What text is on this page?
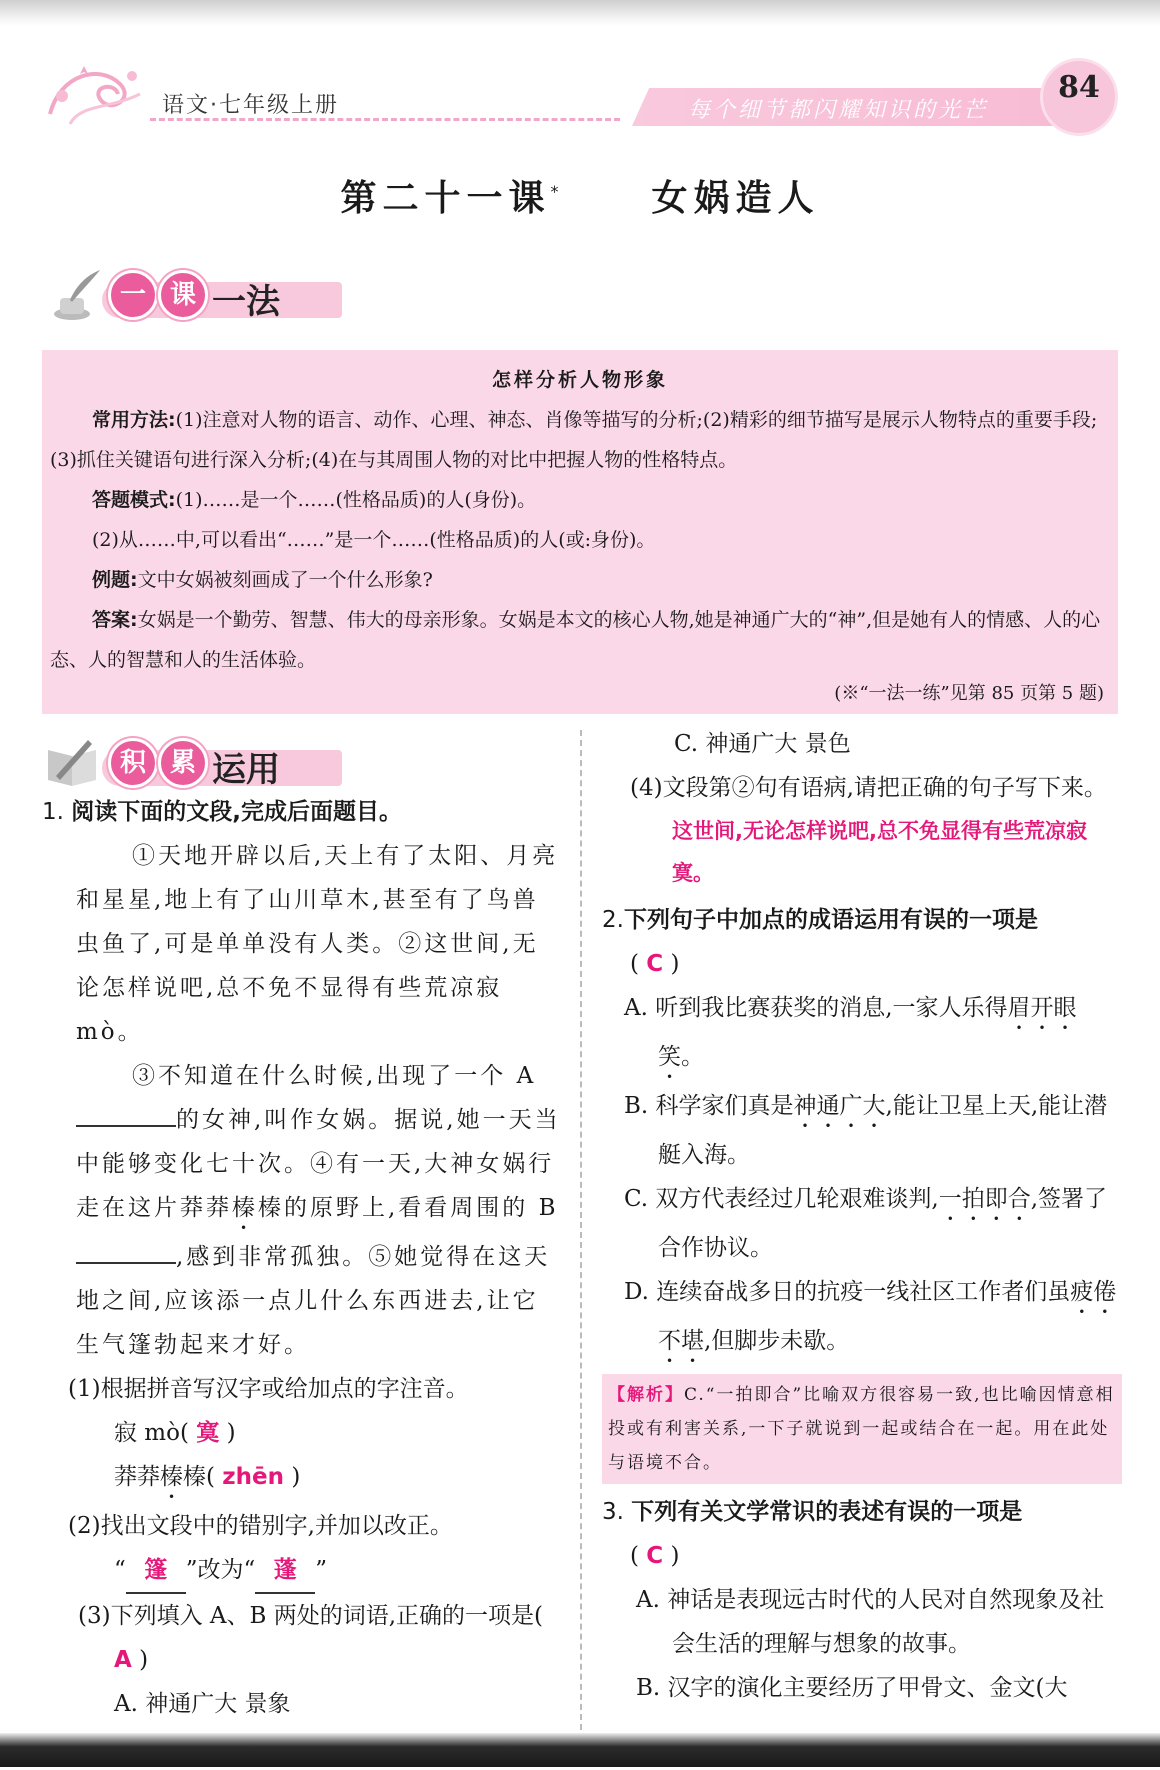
语文·七年级上册	每个细节都闪耀知识的光芒
84
第二十一课* 女娲造人
一 课 一法
怎样分析人物形象

常用方法:(1)注意对人物的语言、动作、心理、神态、肖像等描写的分析;(2)精彩的细节描写是展示人物特点的重要手段;(3)抓住关键语句进行深入分析;(4)在与其周围人物的对比中把握人物的性格特点。

答题模式:(1)……是一个……(性格品质)的人(身份)。

(2)从……中,可以看出“……”是一个……(性格品质)的人(或:身份)。

例题:文中女娲被刻画成了一个什么形象?

答案:女娲是一个勤劳、智慧、伟大的母亲形象。女娲是本文的核心人物,她是神通广大的“神”,但是她有人的情感、人的心态、人的智慧和人的生活体验。

(※“一法一练”见第 85 页第 5 题)
积 累 运用

1. 阅读下面的文段,完成后面题目。

①天地开辟以后,天上有了太阳、月亮和星星,地上有了山川草木,甚至有了鸟兽虫鱼了,可是单单没有人类。②这世间,无论怎样说吧,总不免不显得有些荒凉寂 mò。

③不知道在什么时候,出现了一个 A的女神,叫作女娲。据说,她一天当中能够变化七十次。④有一天,大神女娲行走在这片莽莽榛榛的原野上,看看周围的 B,感到非常孤独。⑤她觉得在这天地之间,应该添一点儿什么东西进去,让它生气篷勃起来才好。

(1)根据拼音写汉字或给加点的字注音。

寂 mò( 寞 )

莽莽榛榛( zhēn )

(2)找出文段中的错别字,并加以改正。

“ 篷 ”改为“ 蓬 ”

(3)下列填入 A、B 两处的词语,正确的一项是( A )

A. 神通广大 景象

C. 神通广大 景色

(4)文段第②句有语病,请把正确的句子写下来。

这世间,无论怎样说吧,总不免显得有些荒凉寂寞。

2.下列句子中加点的成语运用有误的一项是

( C )

A. 听到我比赛获奖的消息,一家人乐得眉开眼笑。

B. 科学家们真是神通广大,能让卫星上天,能让潜艇入海。

C. 双方代表经过几轮艰难谈判,一拍即合,签署了合作协议。

D. 连续奋战多日的抗疫一线社区工作者们虽疲倦不堪,但脚步未歇。

【解析】C.“一拍即合”比喻双方很容易一致,也比喻因情意相投或有利害关系,一下子就说到一起或结合在一起。用在此处与语境不合。

3. 下列有关文学常识的表述有误的一项是

( C )

A. 神话是表现远古时代的人民对自然现象及社会生活的理解与想象的故事。

B. 汉字的演化主要经历了甲骨文、金文(大
